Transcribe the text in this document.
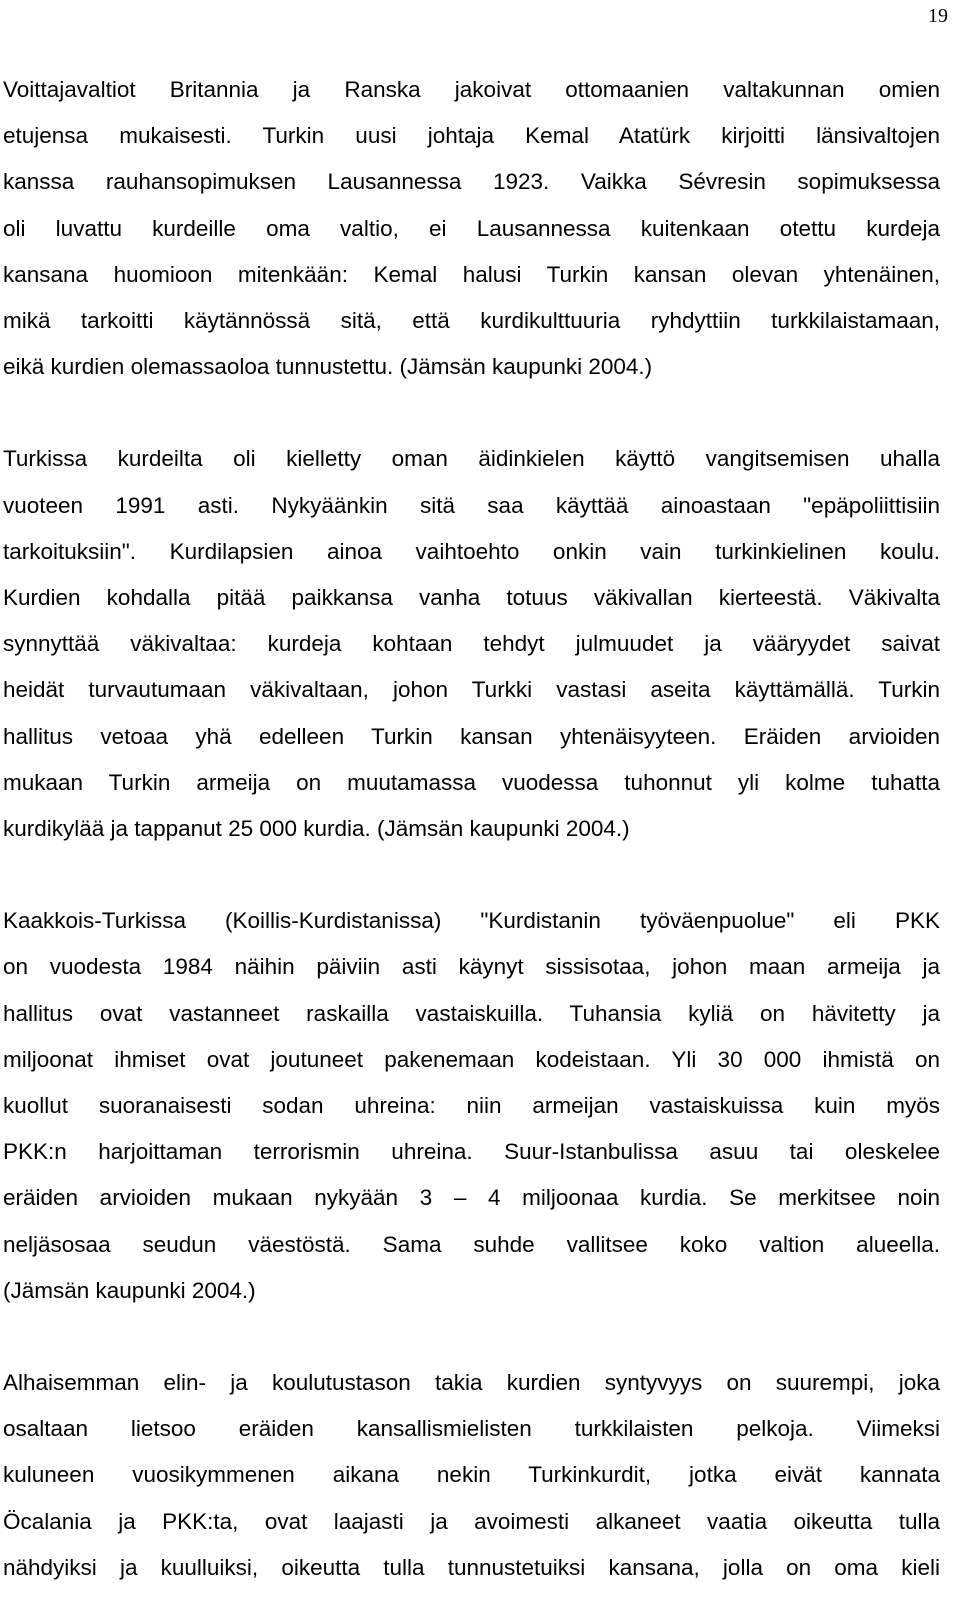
19

Voittajavaltiot Britannia ja Ranska jakoivat ottomaanien valtakunnan omien
etujensa mukaisesti. Turkin uusi johtaja Kemal Atatürk kirjoitti länsivaltojen
kanssa rauhansopimuksen Lausannessa 1923. Vaikka Sévresin sopimuksessa
oli luvattu kurdeille oma valtio, ei Lausannessa kuitenkaan otettu kurdeja
kansana huomioon mitenkään: Kemal halusi Turkin kansan olevan yhtenäinen,
mikä tarkoitti käytännössä sitä, että kurdikulttuuria ryhdyttiin turkkilaistamaan,
eikä kurdien olemassaoloa tunnustettu. (Jämsän kaupunki 2004.)

Turkissa kurdeilta oli kielletty oman äidinkielen käyttö vangitsemisen uhalla
vuoteen 1991 asti. Nykyäänkin sitä saa käyttää ainoastaan "epäpoliittisiin
tarkoituksiin". Kurdilapsien ainoa vaihtoehto onkin vain turkinkielinen koulu.
Kurdien kohdalla pitää paikkansa vanha totuus väkivallan kierteestä. Väkivalta
synnyttää väkivaltaa: kurdeja kohtaan tehdyt julmuudet ja vääryydet saivat
heidät turvautumaan väkivaltaan, johon Turkki vastasi aseita käyttämällä. Turkin
hallitus vetoaa yhä edelleen Turkin kansan yhtenäisyyteen. Eräiden arvioiden
mukaan Turkin armeija on muutamassa vuodessa tuhonnut yli kolme tuhatta
kurdikylää ja tappanut 25 000 kurdia. (Jämsän kaupunki 2004.)

Kaakkois-Turkissa (Koillis-Kurdistanissa) "Kurdistanin työväenpuolue" eli PKK
on vuodesta 1984 näihin päiviin asti käynyt sissisotaa, johon maan armeija ja
hallitus ovat vastanneet raskailla vastaiskuilla. Tuhansia kyliä on hävitetty ja
miljoonat ihmiset ovat joutuneet pakenemaan kodeistaan. Yli 30 000 ihmistä on
kuollut suoranaisesti sodan uhreina: niin armeijan vastaiskuissa kuin myös
PKK:n harjoittaman terrorismin uhreina. Suur-Istanbulissa asuu tai oleskelee
eräiden arvioiden mukaan nykyään 3 – 4 miljoonaa kurdia. Se merkitsee noin
neljäsosaa seudun väestöstä. Sama suhde vallitsee koko valtion alueella.
(Jämsän kaupunki 2004.)

Alhaisemman elin- ja koulutustason takia kurdien syntyvyys on suurempi, joka
osaltaan lietsoo eräiden kansallismielisten turkkilaisten pelkoja. Viimeksi
kuluneen vuosikymmenen aikana nekin Turkinkurdit, jotka eivät kannata
Öcalania ja PKK:ta, ovat laajasti ja avoimesti alkaneet vaatia oikeutta tulla
nähdyiksi ja kuulluiksi, oikeutta tulla tunnustetuiksi kansana, jolla on oma kieli
